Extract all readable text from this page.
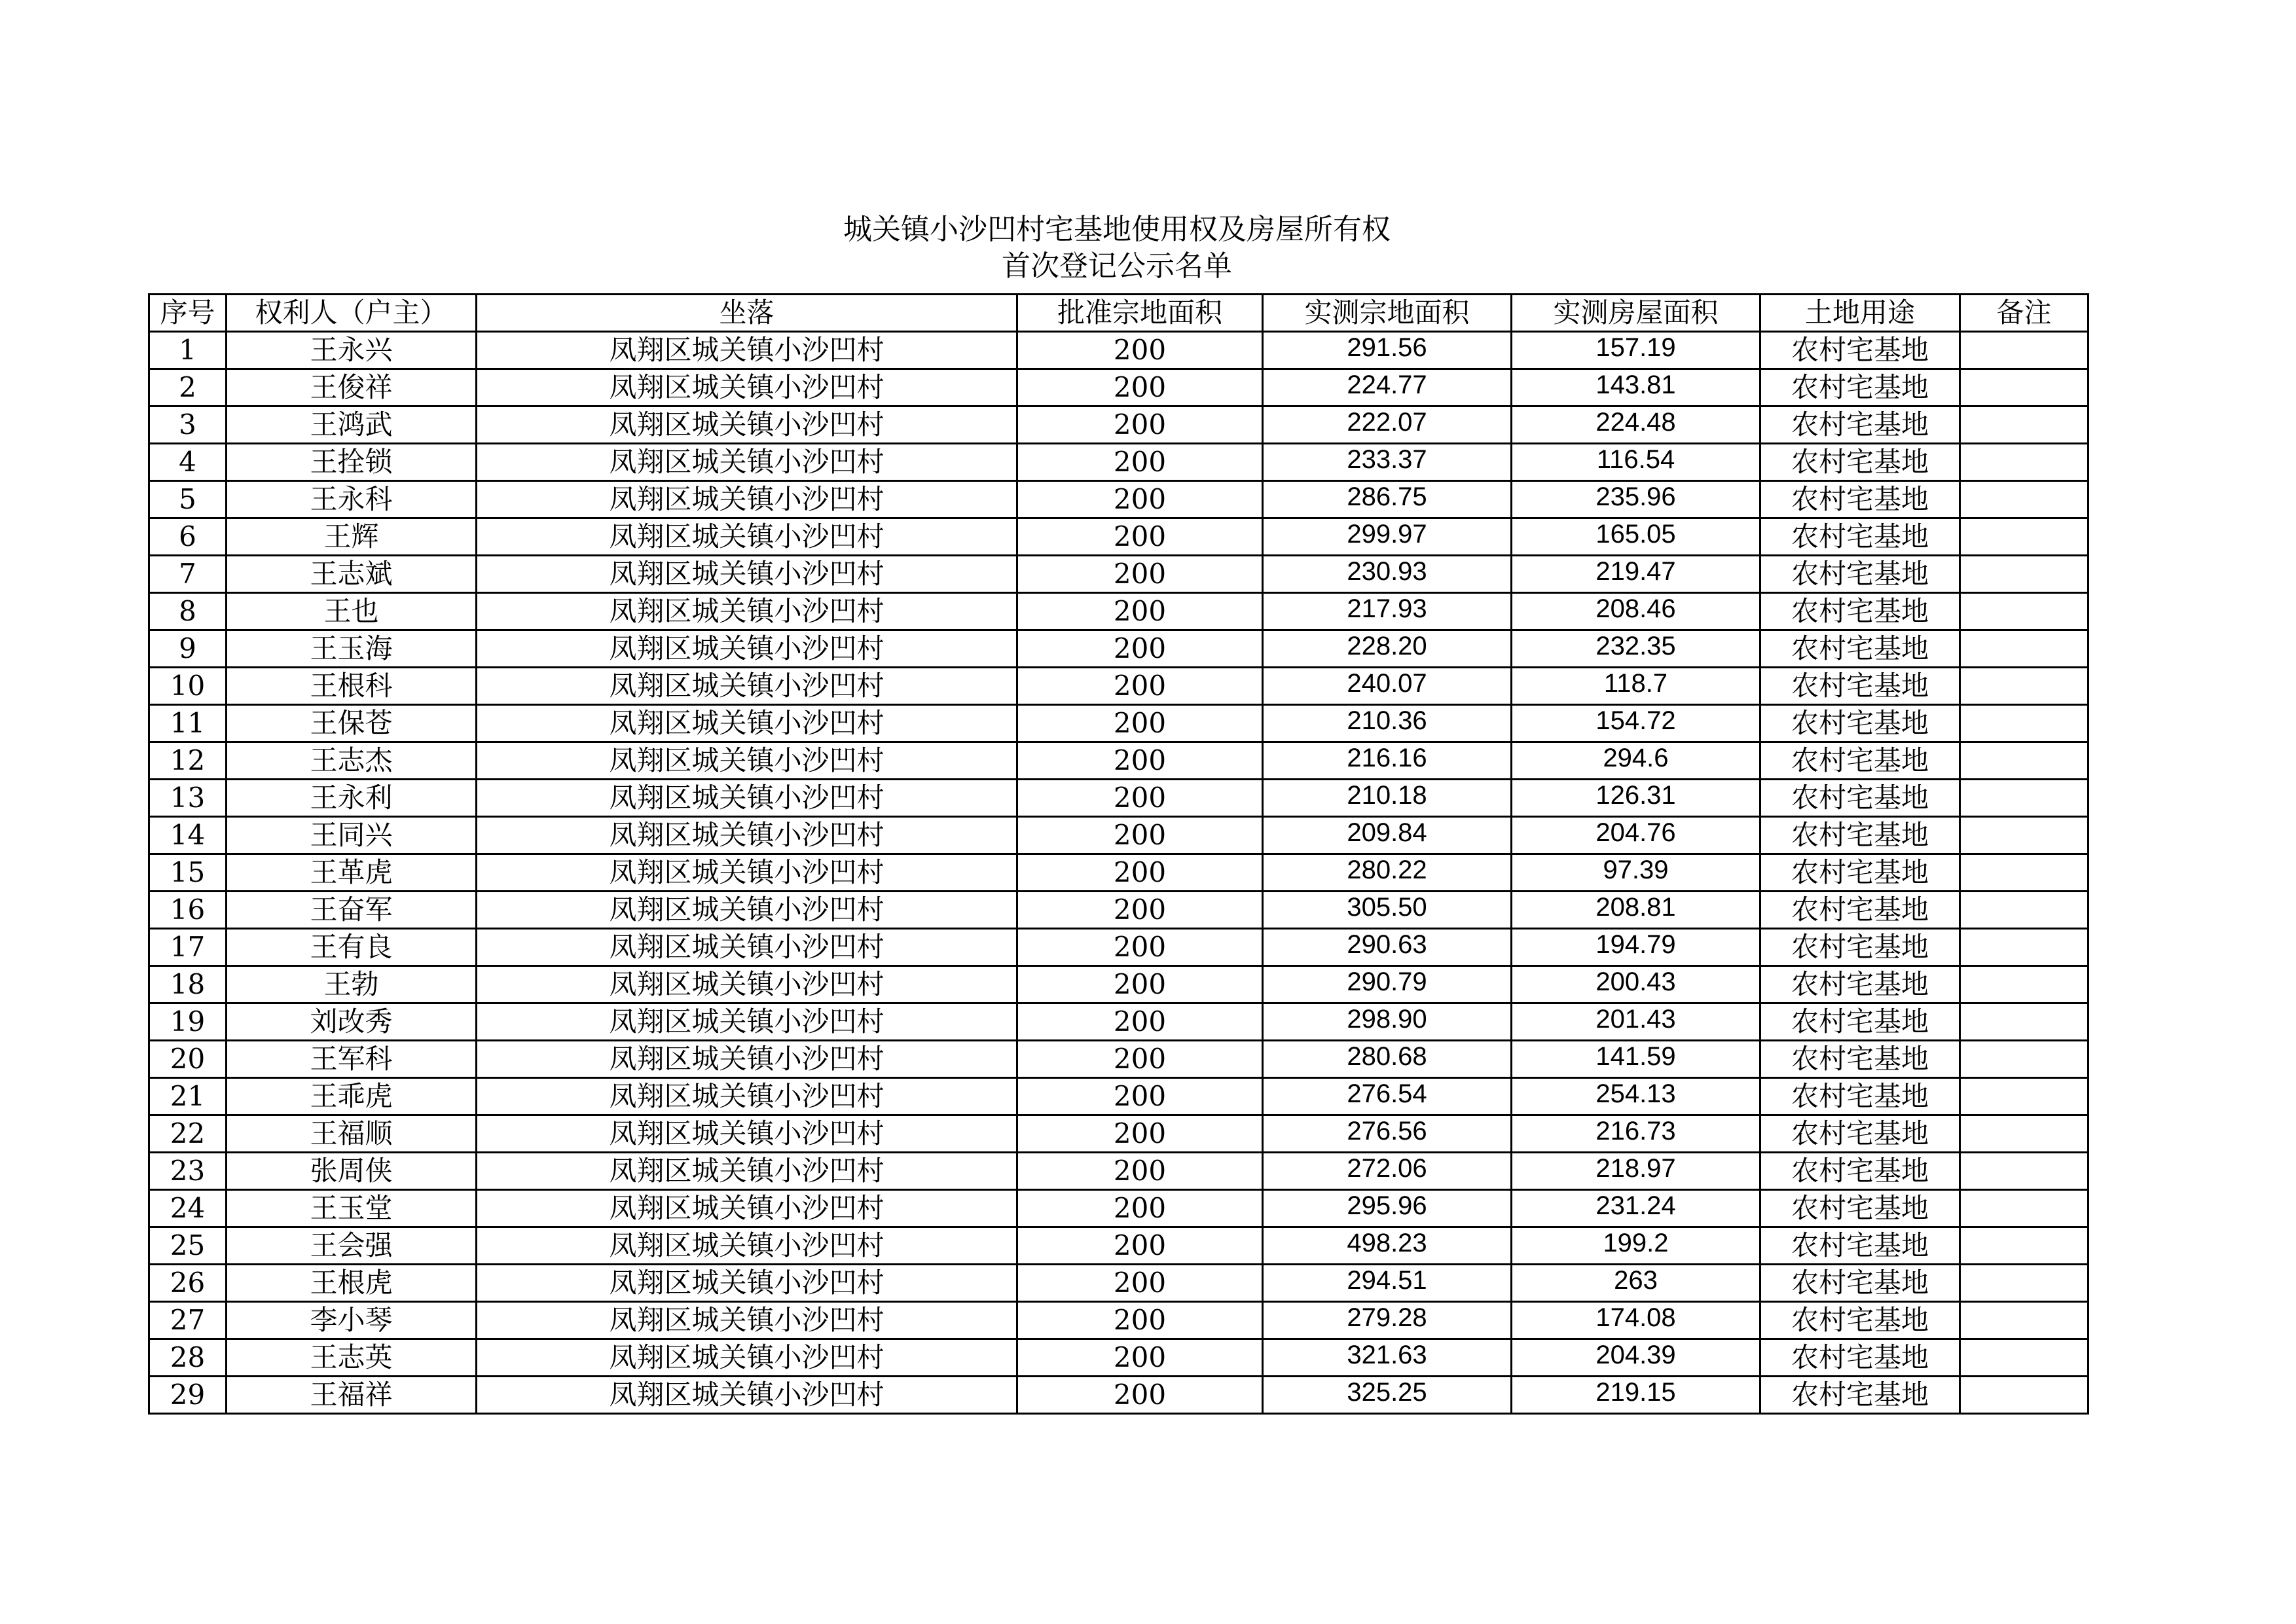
城关镇小沙凹村宅基地使用权及房屋所有权
首次登记公示名单
序号	权利人（户主）	坐落	批准宗地面积	实测宗地面积	实测房屋面积	土地用途	备注
1	王永兴	凤翔区城关镇小沙凹村	200	291.56	157.19	农村宅基地	
2	王俊祥	凤翔区城关镇小沙凹村	200	224.77	143.81	农村宅基地	
3	王鸿武	凤翔区城关镇小沙凹村	200	222.07	224.48	农村宅基地	
4	王拴锁	凤翔区城关镇小沙凹村	200	233.37	116.54	农村宅基地	
5	王永科	凤翔区城关镇小沙凹村	200	286.75	235.96	农村宅基地	
6	王辉	凤翔区城关镇小沙凹村	200	299.97	165.05	农村宅基地	
7	王志斌	凤翔区城关镇小沙凹村	200	230.93	219.47	农村宅基地	
8	王也	凤翔区城关镇小沙凹村	200	217.93	208.46	农村宅基地	
9	王玉海	凤翔区城关镇小沙凹村	200	228.20	232.35	农村宅基地	
10	王根科	凤翔区城关镇小沙凹村	200	240.07	118.7	农村宅基地	
11	王保苍	凤翔区城关镇小沙凹村	200	210.36	154.72	农村宅基地	
12	王志杰	凤翔区城关镇小沙凹村	200	216.16	294.6	农村宅基地	
13	王永利	凤翔区城关镇小沙凹村	200	210.18	126.31	农村宅基地	
14	王同兴	凤翔区城关镇小沙凹村	200	209.84	204.76	农村宅基地	
15	王革虎	凤翔区城关镇小沙凹村	200	280.22	97.39	农村宅基地	
16	王奋军	凤翔区城关镇小沙凹村	200	305.50	208.81	农村宅基地	
17	王有良	凤翔区城关镇小沙凹村	200	290.63	194.79	农村宅基地	
18	王勃	凤翔区城关镇小沙凹村	200	290.79	200.43	农村宅基地	
19	刘改秀	凤翔区城关镇小沙凹村	200	298.90	201.43	农村宅基地	
20	王军科	凤翔区城关镇小沙凹村	200	280.68	141.59	农村宅基地	
21	王乖虎	凤翔区城关镇小沙凹村	200	276.54	254.13	农村宅基地	
22	王福顺	凤翔区城关镇小沙凹村	200	276.56	216.73	农村宅基地	
23	张周侠	凤翔区城关镇小沙凹村	200	272.06	218.97	农村宅基地	
24	王玉堂	凤翔区城关镇小沙凹村	200	295.96	231.24	农村宅基地	
25	王会强	凤翔区城关镇小沙凹村	200	498.23	199.2	农村宅基地	
26	王根虎	凤翔区城关镇小沙凹村	200	294.51	263	农村宅基地	
27	李小琴	凤翔区城关镇小沙凹村	200	279.28	174.08	农村宅基地	
28	王志英	凤翔区城关镇小沙凹村	200	321.63	204.39	农村宅基地	
29	王福祥	凤翔区城关镇小沙凹村	200	325.25	219.15	农村宅基地	
